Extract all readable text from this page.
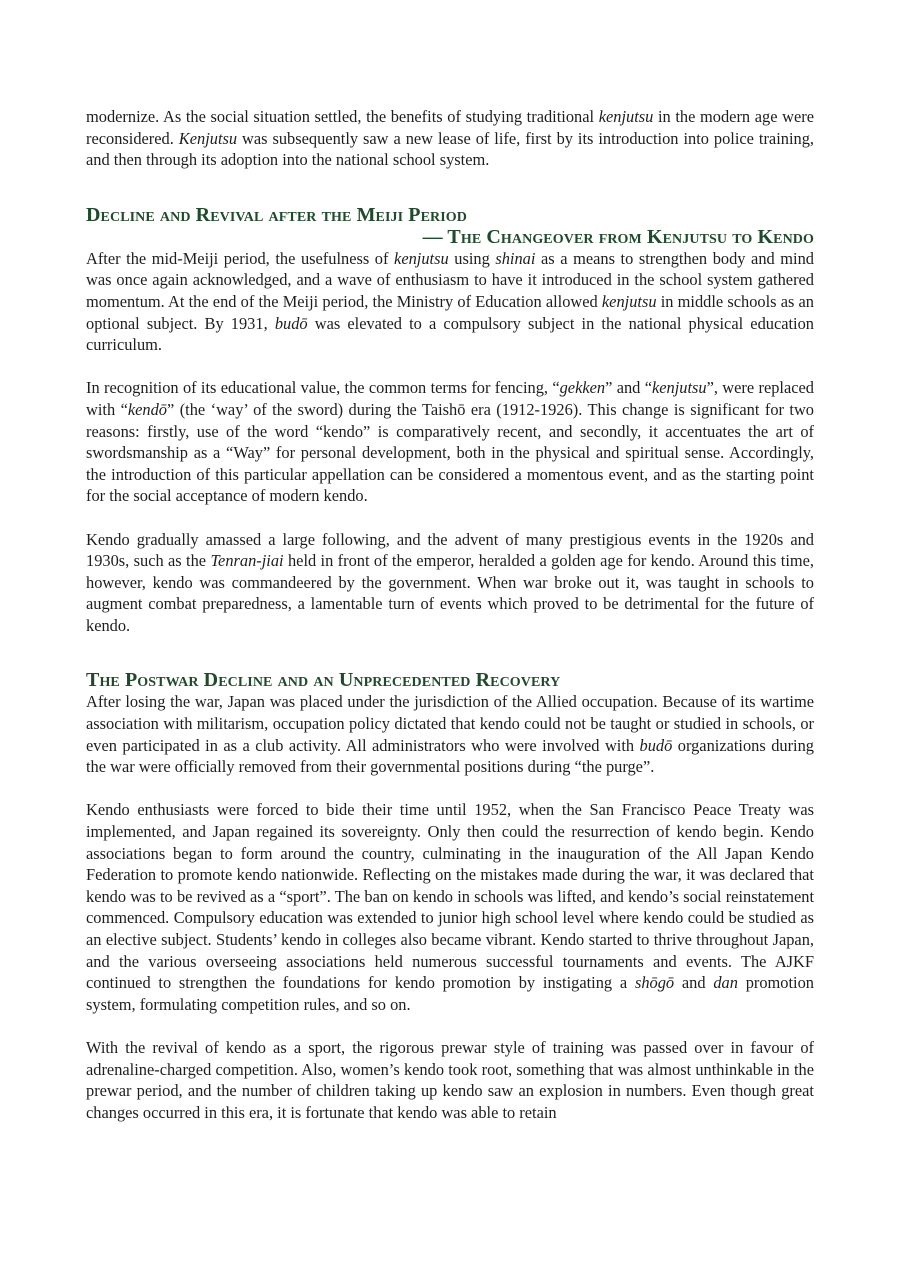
modernize. As the social situation settled, the benefits of studying traditional kenjutsu in the modern age were reconsidered. Kenjutsu was subsequently saw a new lease of life, first by its introduction into police training, and then through its adoption into the national school system.

Decline and Revival after the Meiji Period
— The Changeover from Kenjutsu to Kendo

After the mid-Meiji period, the usefulness of kenjutsu using shinai as a means to strengthen body and mind was once again acknowledged, and a wave of enthusiasm to have it introduced in the school system gathered momentum. At the end of the Meiji period, the Ministry of Education allowed kenjutsu in middle schools as an optional subject. By 1931, budō was elevated to a compulsory subject in the national physical education curriculum.

In recognition of its educational value, the common terms for fencing, “gekken” and “kenjutsu”, were replaced with “kendō” (the ‘way’ of the sword) during the Taishō era (1912-1926). This change is significant for two reasons: firstly, use of the word “kendo” is comparatively recent, and secondly, it accentuates the art of swordsmanship as a “Way” for personal development, both in the physical and spiritual sense. Accordingly, the introduction of this particular appellation can be considered a momentous event, and as the starting point for the social acceptance of modern kendo.

Kendo gradually amassed a large following, and the advent of many prestigious events in the 1920s and 1930s, such as the Tenran-jiai held in front of the emperor, heralded a golden age for kendo. Around this time, however, kendo was commandeered by the government. When war broke out it, was taught in schools to augment combat preparedness, a lamentable turn of events which proved to be detrimental for the future of kendo.

The Postwar Decline and an Unprecedented Recovery

After losing the war, Japan was placed under the jurisdiction of the Allied occupation. Because of its wartime association with militarism, occupation policy dictated that kendo could not be taught or studied in schools, or even participated in as a club activity. All administrators who were involved with budō organizations during the war were officially removed from their governmental positions during “the purge”.

Kendo enthusiasts were forced to bide their time until 1952, when the San Francisco Peace Treaty was implemented, and Japan regained its sovereignty. Only then could the resurrection of kendo begin. Kendo associations began to form around the country, culminating in the inauguration of the All Japan Kendo Federation to promote kendo nationwide. Reflecting on the mistakes made during the war, it was declared that kendo was to be revived as a “sport”. The ban on kendo in schools was lifted, and kendo’s social reinstatement commenced. Compulsory education was extended to junior high school level where kendo could be studied as an elective subject. Students’ kendo in colleges also became vibrant. Kendo started to thrive throughout Japan, and the various overseeing associations held numerous successful tournaments and events. The AJKF continued to strengthen the foundations for kendo promotion by instigating a shōgō and dan promotion system, formulating competition rules, and so on.

With the revival of kendo as a sport, the rigorous prewar style of training was passed over in favour of adrenaline-charged competition. Also, women’s kendo took root, something that was almost unthinkable in the prewar period, and the number of children taking up kendo saw an explosion in numbers. Even though great changes occurred in this era, it is fortunate that kendo was able to retain
